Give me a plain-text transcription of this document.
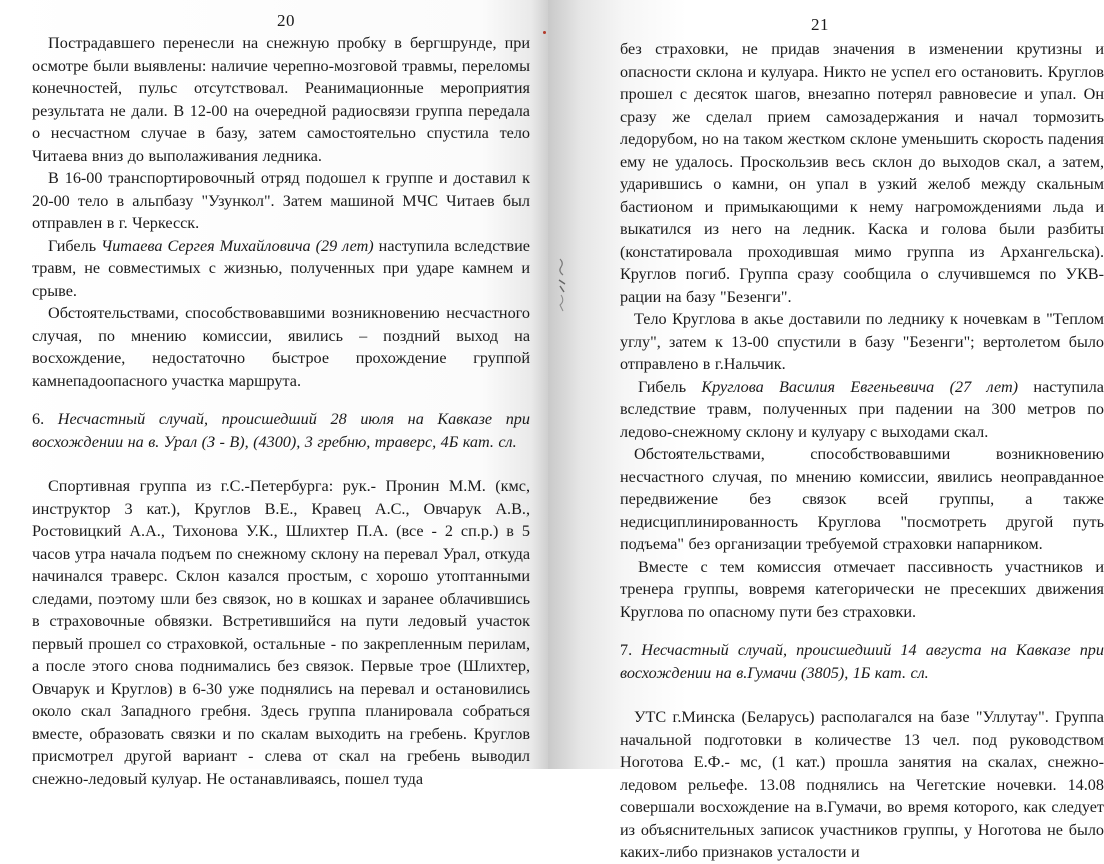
20

Пострадавшего перенесли на снежную пробку в бергшрунде, при осмотре были выявлены: наличие черепно-мозговой травмы, переломы конечностей, пульс отсутствовал. Реанимационные мероприятия результата не дали. В 12-00 на очередной радиосвязи группа передала о несчастном случае в базу, затем самостоятельно спустила тело Читаева вниз до выполаживания ледника.

В 16-00 транспортировочный отряд подошел к группе и доставил к 20-00 тело в альпбазу "Узункол". Затем машиной МЧС Читаев был отправлен в г. Черкесск.

Гибель Читаева Сергея Михайловича (29 лет) наступила вследствие травм, не совместимых с жизнью, полученных при ударе камнем и срыве.

Обстоятельствами, способствовавшими возникновению несчастного случая, по мнению комиссии, явились – поздний выход на восхождение, недостаточно быстрое прохождение группой камнепадоопасного участка маршрута.

6. Несчастный случай, происшедший 28 июля на Кавказе при восхождении на в. Урал (З - В), (4300), 3 гребню, траверс, 4Б кат. сл.

Спортивная группа из г.С.-Петербурга: рук.- Пронин М.М. (кмс, инструктор 3 кат.), Круглов В.Е., Кравец А.С., Овчарук А.В., Ростовицкий А.А., Тихонова У.К., Шлихтер П.А. (все - 2 сп.р.) в 5 часов утра начала подъем по снежному склону на перевал Урал, откуда начинался траверс. Склон казался простым, с хорошо утоптанными следами, поэтому шли без связок, но в кошках и заранее облачившись в страховочные обвязки. Встретившийся на пути ледовый участок первый прошел со страховкой, остальные - по закрепленным перилам, а после этого снова поднимались без связок. Первые трое (Шлихтер, Овчарук и Круглов) в 6-30 уже поднялись на перевал и остановились около скал Западного гребня. Здесь группа планировала собраться вместе, образовать связки и по скалам выходить на гребень. Круглов присмотрел другой вариант - слева от скал на гребень выводил снежно-ледовый кулуар. Не останавливаясь, пошел туда

21

без страховки, не придав значения в изменении крутизны и опасности склона и кулуара. Никто не успел его остановить. Круглов прошел с десяток шагов, внезапно потерял равновесие и упал. Он сразу же сделал прием самозадержания и начал тормозить ледорубом, но на таком жестком склоне уменьшить скорость падения ему не удалось. Проскользив весь склон до выходов скал, а затем, ударившись о камни, он упал в узкий желоб между скальным бастионом и примыкающими к нему нагромождениями льда и выкатился из него на ледник. Каска и голова были разбиты (констатировала проходившая мимо группа из Архангельска). Круглов погиб. Группа сразу сообщила о случившемся по УКВ-рации на базу "Безенги".

Тело Круглова в акье доставили по леднику к ночевкам в "Теплом углу", затем к 13-00 спустили в базу "Безенги"; вертолетом было отправлено в г.Нальчик.

Гибель Круглова Василия Евгеньевича (27 лет) наступила вследствие травм, полученных при падении на 300 метров по ледово-снежному склону и кулуару с выходами скал.

Обстоятельствами, способствовавшими возникновению несчастного случая, по мнению комиссии, явились неоправданное передвижение без связок всей группы, а также недисциплинированность Круглова "посмотреть другой путь подъема" без организации требуемой страховки напарником.

Вместе с тем комиссия отмечает пассивность участников и тренера группы, вовремя категорически не пресекших движения Круглова по опасному пути без страховки.

7. Несчастный случай, происшедший 14 августа на Кавказе при восхождении на в.Гумачи (3805), 1Б кат. сл.

УТС г.Минска (Беларусь) располагался на базе "Уллутау". Группа начальной подготовки в количестве 13 чел. под руководством Ноготова Е.Ф.- мс, (1 кат.) прошла занятия на скалах, снежно-ледовом рельефе. 13.08 поднялись на Чегетские ночевки. 14.08 совершали восхождение на в.Гумачи, во время которого, как следует из объяснительных записок участников группы, у Ноготова не было каких-либо признаков усталости и
